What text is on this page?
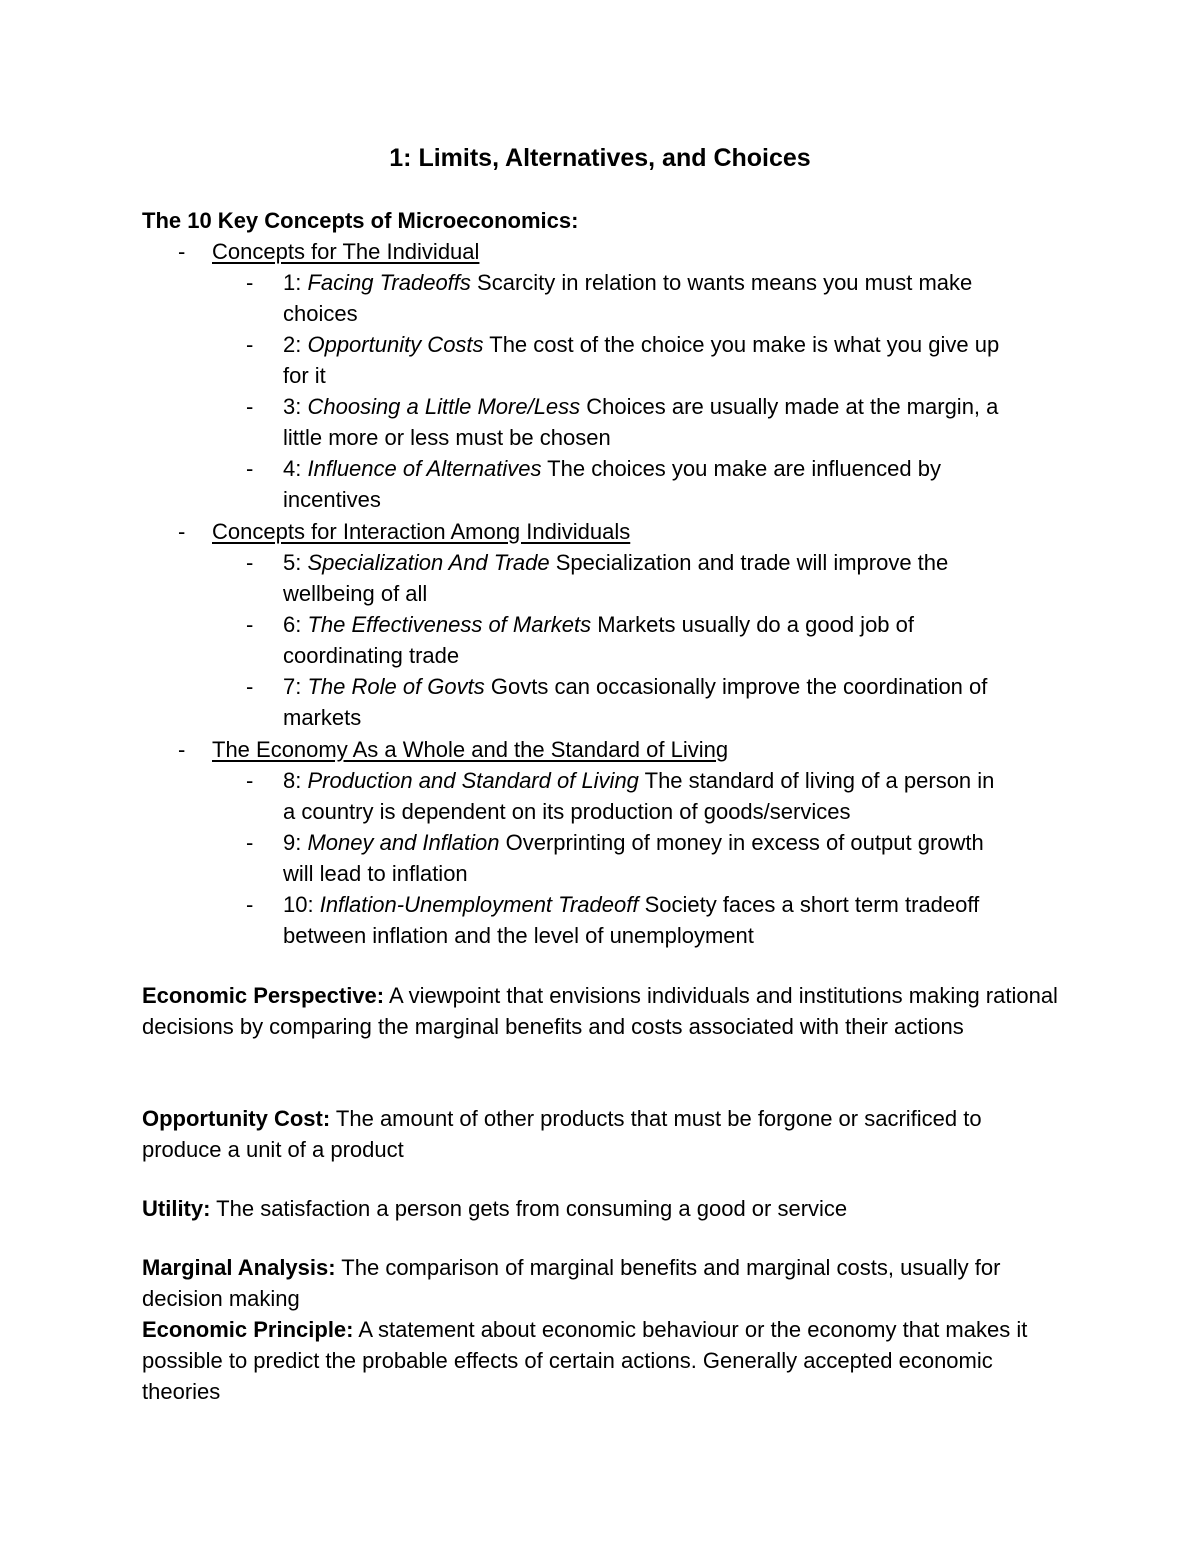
1: Limits, Alternatives, and Choices

The 10 Key Concepts of Microeconomics:

- Concepts for The Individual

- 1: Facing Tradeoffs Scarcity in relation to wants means you must make

choices

- 2: Opportunity Costs The cost of the choice you make is what you give up

for it

- 3: Choosing a Little More/Less Choices are usually made at the margin, a

little more or less must be chosen

- 4: Influence of Alternatives The choices you make are influenced by

incentives

- Concepts for Interaction Among Individuals

- 5: Specialization And Trade Specialization and trade will improve the

wellbeing of all

- 6: The Effectiveness of Markets Markets usually do a good job of

coordinating trade

- 7: The Role of Govts Govts can occasionally improve the coordination of

markets

- The Economy As a Whole and the Standard of Living

- 8: Production and Standard of Living The standard of living of a person in

a country is dependent on its production of goods/services

- 9: Money and Inflation Overprinting of money in excess of output growth

will lead to inflation

- 10: Inflation-Unemployment Tradeoff Society faces a short term tradeoff

between inflation and the level of unemployment

Economic Perspective: A viewpoint that envisions individuals and institutions making rational decisions by comparing the marginal benefits and costs associated with their actions

Opportunity Cost: The amount of other products that must be forgone or sacrificed to produce a unit of a product

Utility: The satisfaction a person gets from consuming a good or service

Marginal Analysis: The comparison of marginal benefits and marginal costs, usually for decision making

Economic Principle: A statement about economic behaviour or the economy that makes it possible to predict the probable effects of certain actions. Generally accepted economic theories
